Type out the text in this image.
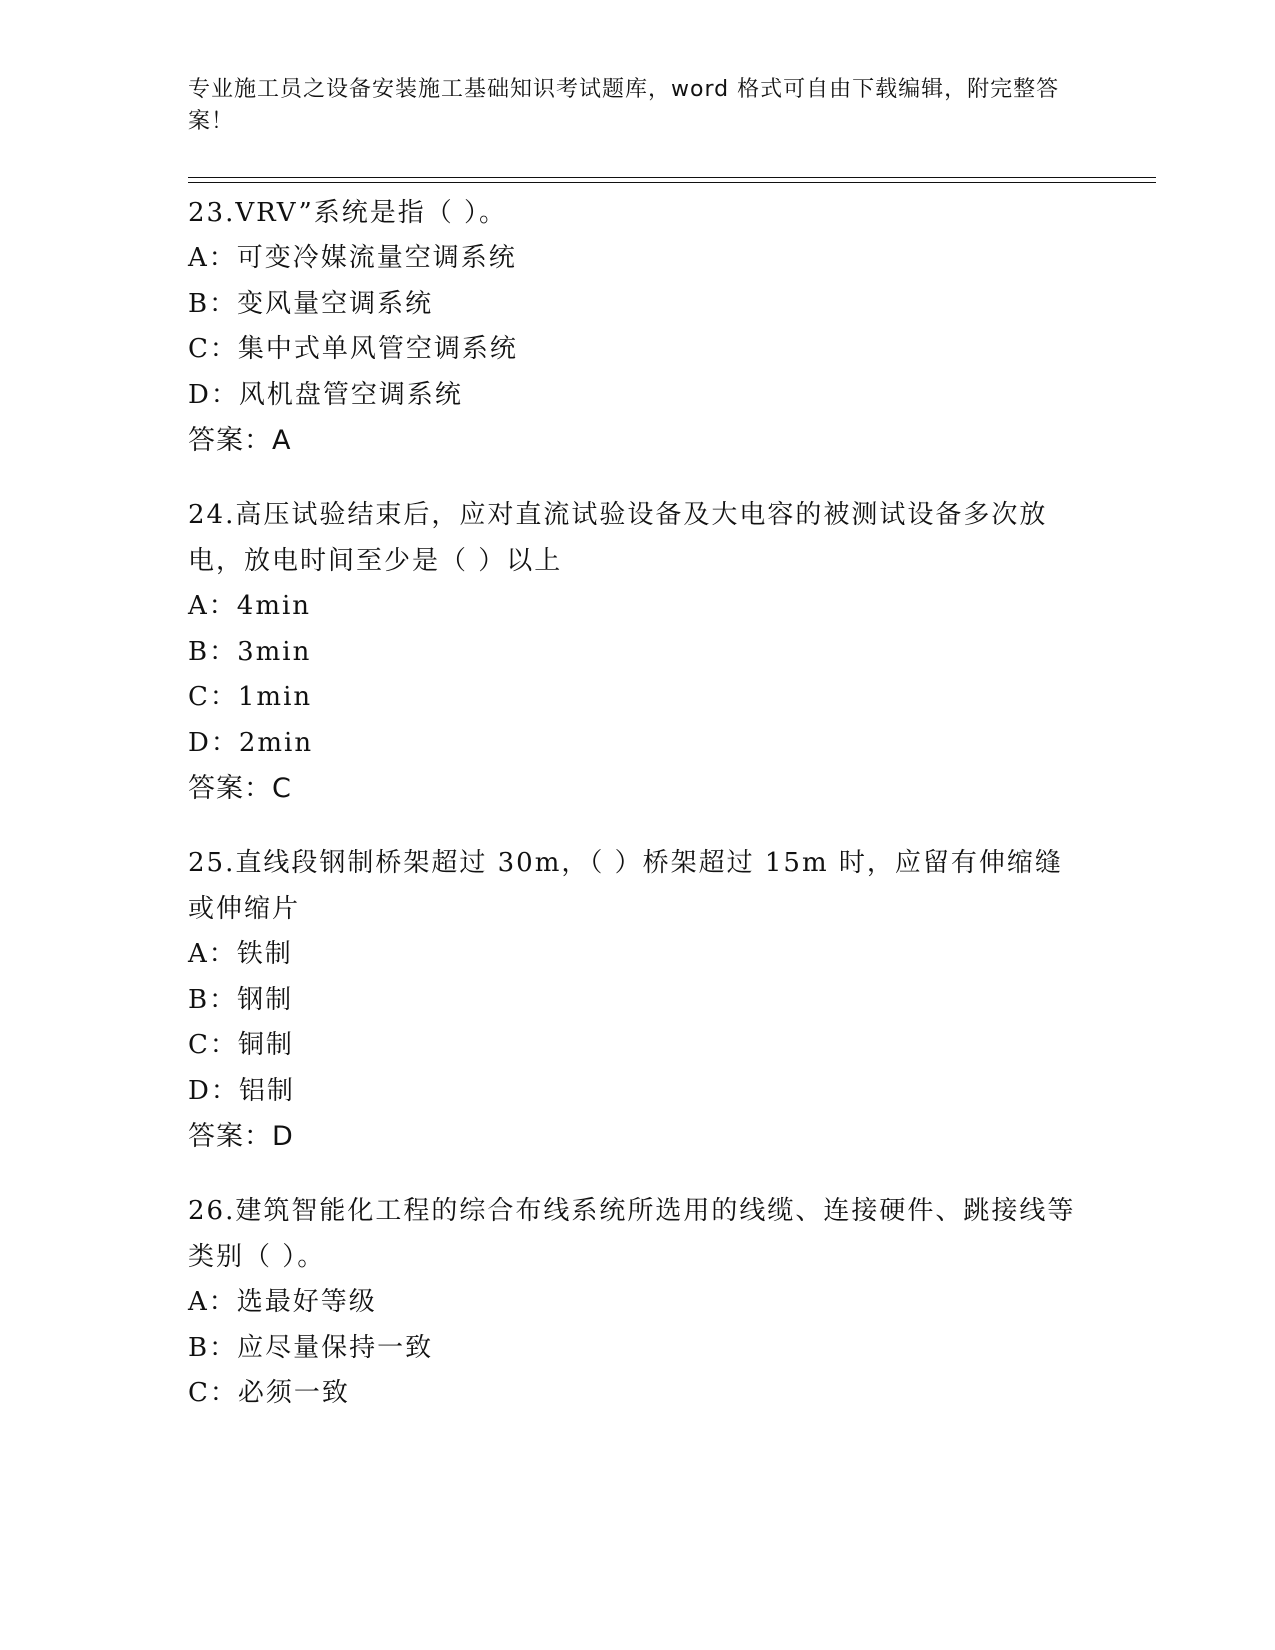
专业施工员之设备安装施工基础知识考试题库，word 格式可自由下载编辑，附完整答案！
23.VRV”系统是指（ ）。
A：可变冷媒流量空调系统
B：变风量空调系统
C：集中式单风管空调系统
D：风机盘管空调系统
答案：A
24.高压试验结束后，应对直流试验设备及大电容的被测试设备多次放电，放电时间至少是（ ）以上
A：4min
B：3min
C：1min
D：2min
答案：C
25.直线段钢制桥架超过 30m，（ ）桥架超过 15m 时，应留有伸缩缝或伸缩片
A：铁制
B：钢制
C：铜制
D：铝制
答案：D
26.建筑智能化工程的综合布线系统所选用的线缆、连接硬件、跳接线等类别（ ）。
A：选最好等级
B：应尽量保持一致
C：必须一致
